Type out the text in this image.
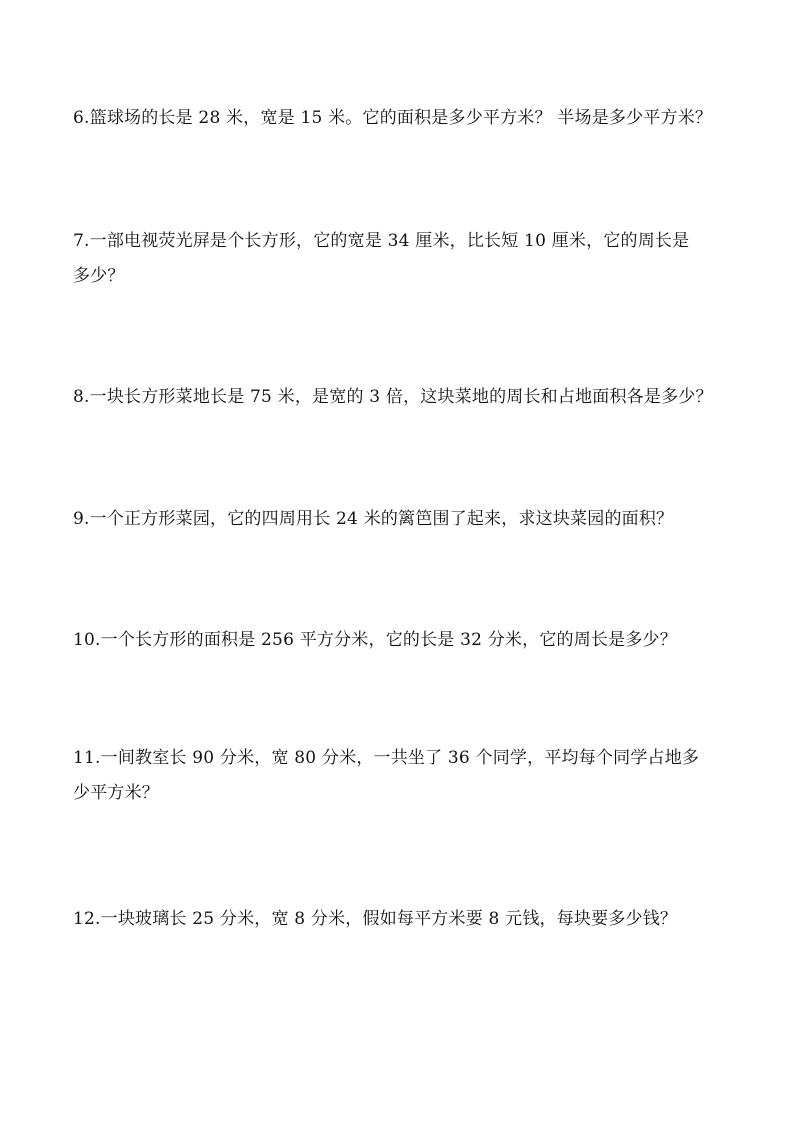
6.篮球场的长是 28 米，宽是 15 米。它的面积是多少平方米？ 半场是多少平方米？
7.一部电视荧光屏是个长方形，它的宽是 34 厘米，比长短 10 厘米，它的周长是
多少？
8.一块长方形菜地长是 75 米，是宽的 3 倍，这块菜地的周长和占地面积各是多少？
9.一个正方形菜园，它的四周用长 24 米的篱笆围了起来，求这块菜园的面积？
10.一个长方形的面积是 256 平方分米，它的长是 32 分米，它的周长是多少？
11.一间教室长 90 分米，宽 80 分米，一共坐了 36 个同学，平均每个同学占地多
少平方米？
12.一块玻璃长 25 分米，宽 8 分米，假如每平方米要 8 元钱，每块要多少钱？
